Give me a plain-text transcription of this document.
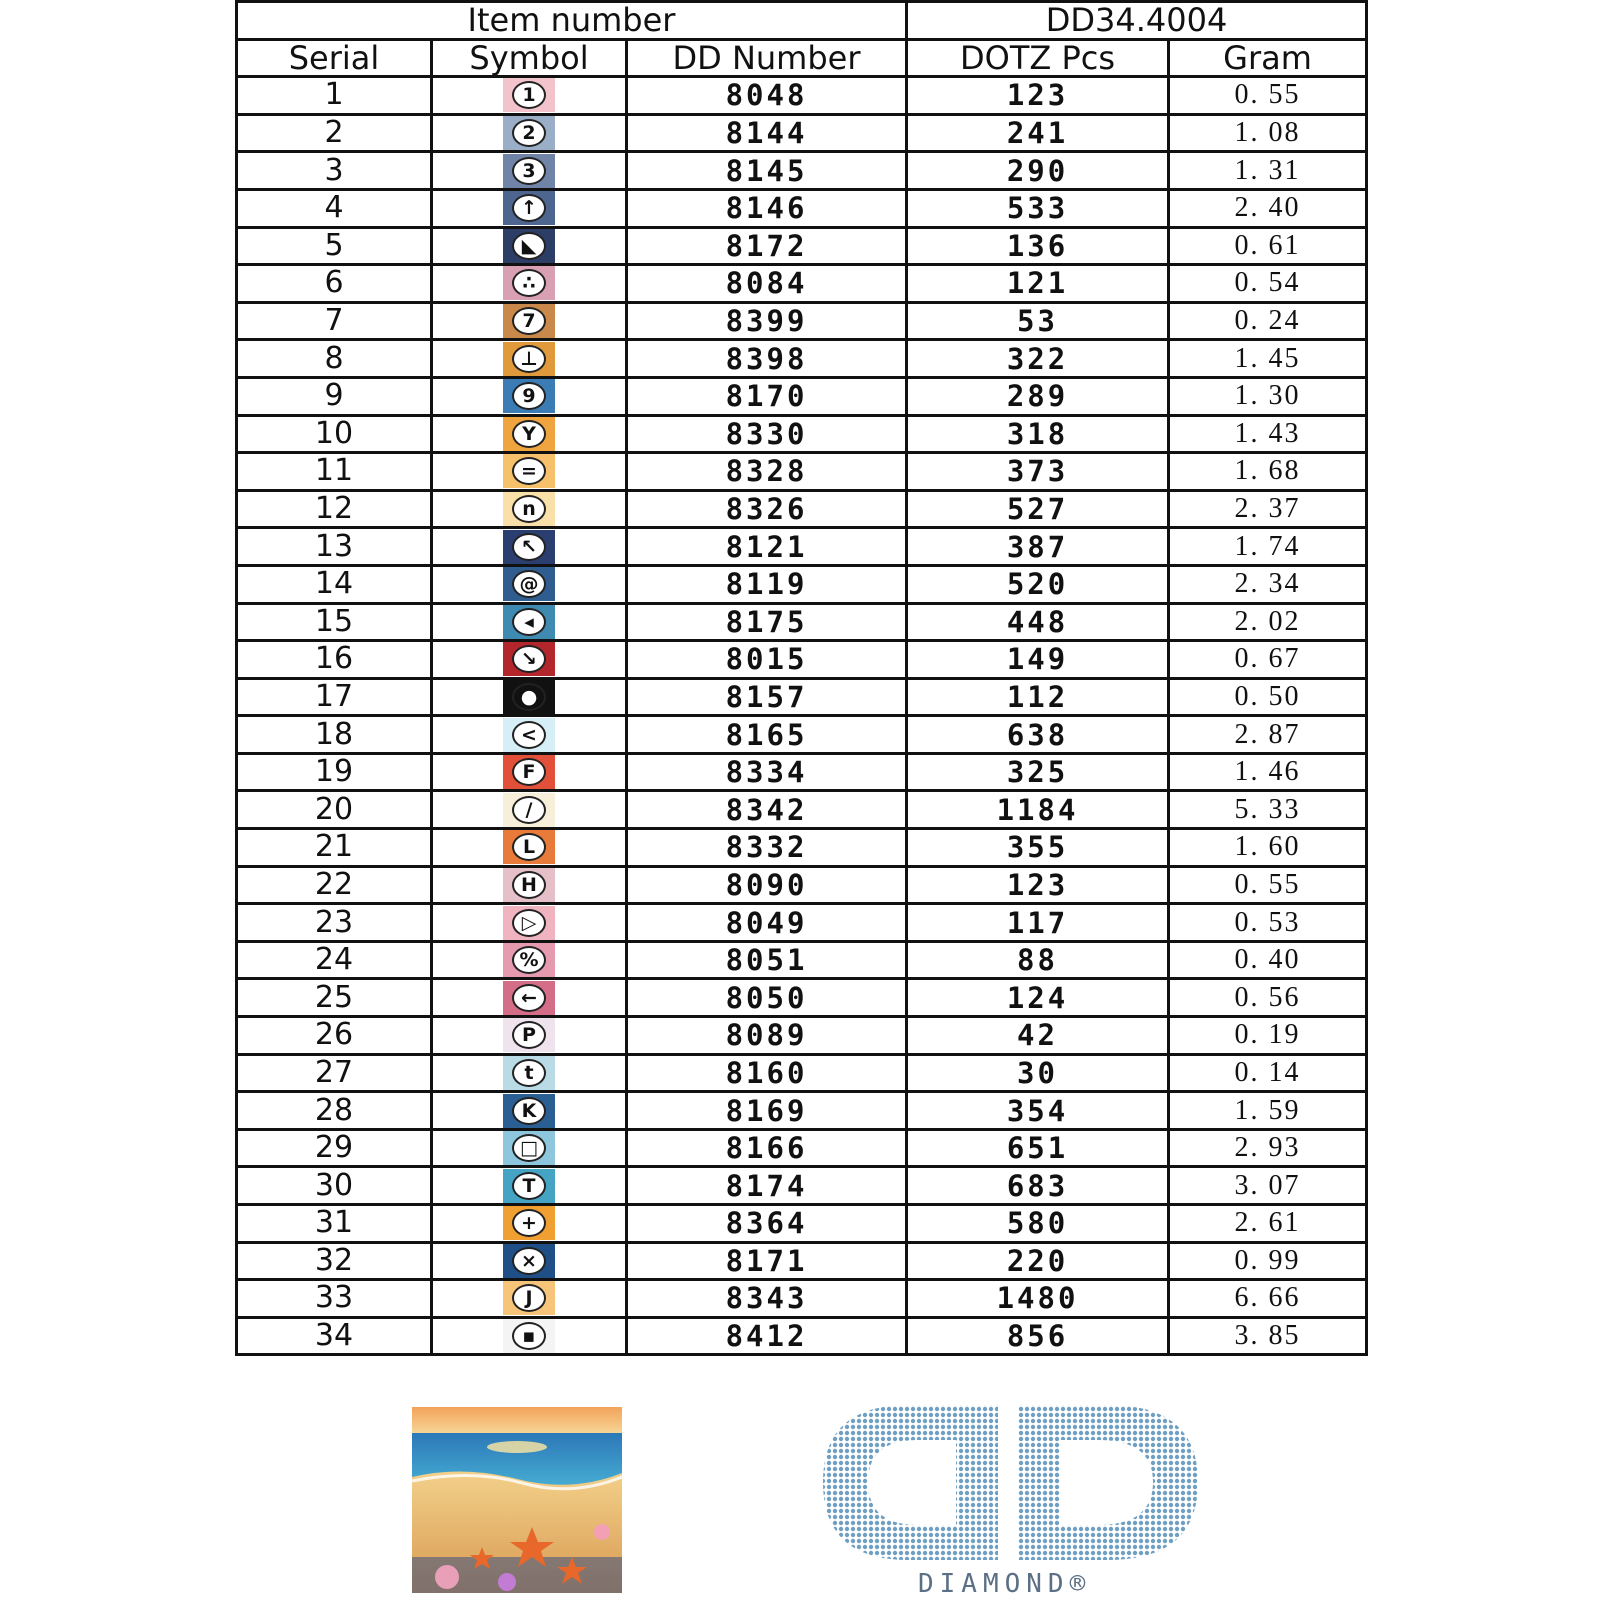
Item number			DD34.4004	
Serial	Symbol	DD Number	DOTZ Pcs	Gram
1	1	8048	123	0. 55
2	2	8144	241	1. 08
3	3	8145	290	1. 31
4	↑	8146	533	2. 40
5	◣	8172	136	0. 61
6	∴	8084	121	0. 54
7	7	8399	53	0. 24
8	⊥	8398	322	1. 45
9	9	8170	289	1. 30
10	Y	8330	318	1. 43
11	=	8328	373	1. 68
12	n	8326	527	2. 37
13	↖	8121	387	1. 74
14	@	8119	520	2. 34
15	◂	8175	448	2. 02
16	↘	8015	149	0. 67
17	●	8157	112	0. 50
18	<	8165	638	2. 87
19	F	8334	325	1. 46
20	/	8342	1184	5. 33
21	L	8332	355	1. 60
22	H	8090	123	0. 55
23	▷	8049	117	0. 53
24	%	8051	88	0. 40
25	←	8050	124	0. 56
26	P	8089	42	0. 19
27	t	8160	30	0. 14
28	K	8169	354	1. 59
29	□	8166	651	2. 93
30	T	8174	683	3. 07
31	+	8364	580	2. 61
32	×	8171	220	0. 99
33	J	8343	1480	6. 66
34	▪	8412	856	3. 85
DIAMOND®
